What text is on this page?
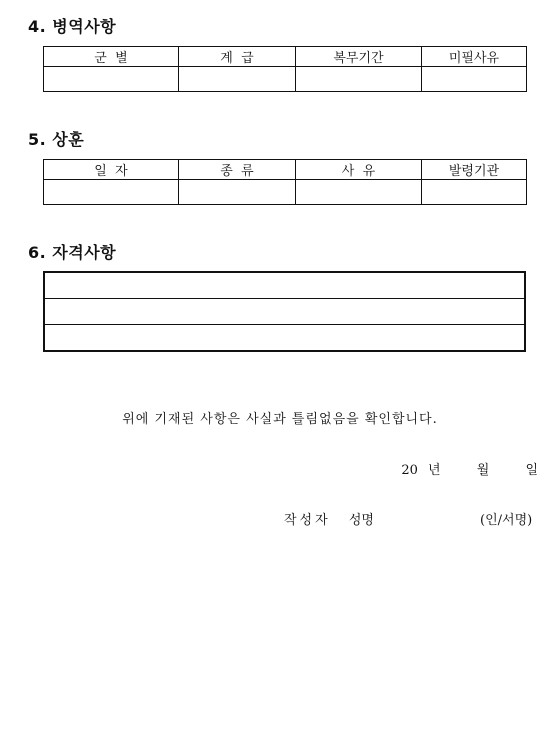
4. 병역사항
군  별	계  급	복무기간	미필사유

5. 상훈
일  자	종  류	사  유	발령기관

6. 자격사항

위에 기재된 사항은 사실과 틀림없음을 확인합니다.

20 년	월	일

작성자 성명	(인/서명)
